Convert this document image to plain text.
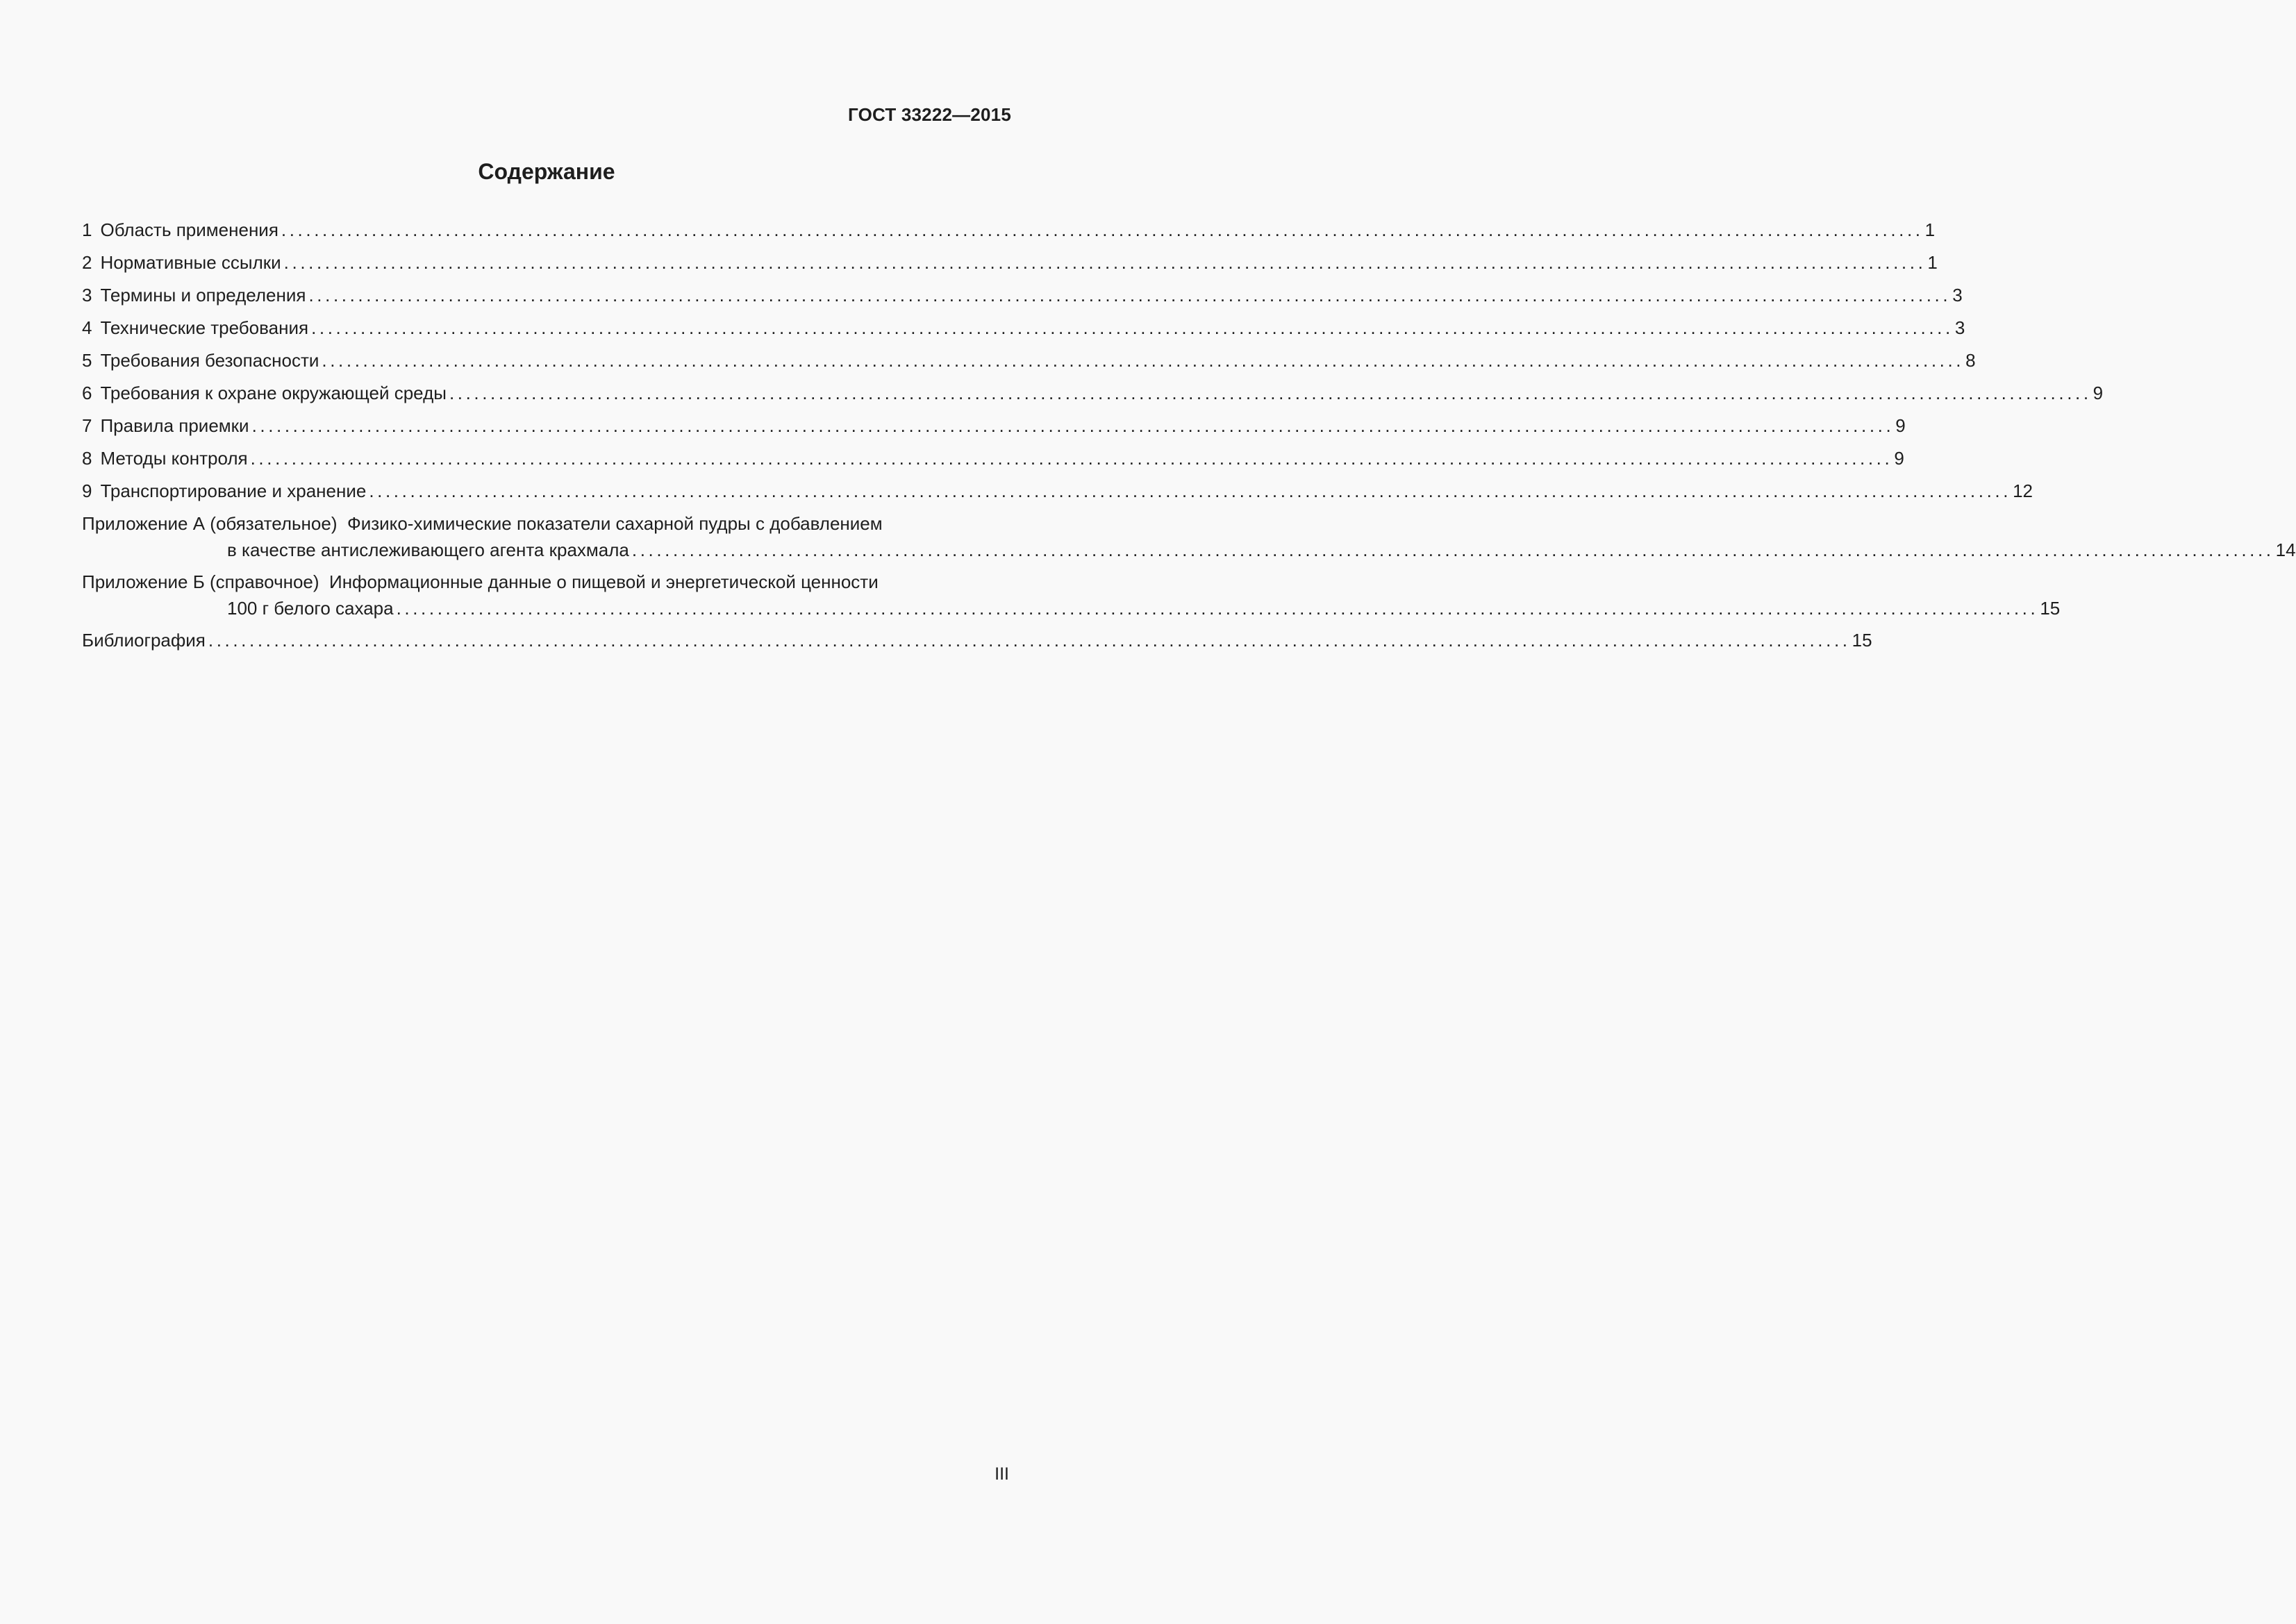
ГОСТ 33222—2015
Содержание
1 Область применения ........................................................................................................................................................................................................ 1
2 Нормативные ссылки ........................................................................................................................................................................................................ 1
3 Термины и определения ........................................................................................................................................................................................................ 3
4 Технические требования ........................................................................................................................................................................................................ 3
5 Требования безопасности ........................................................................................................................................................................................................ 8
6 Требования к охране окружающей среды ........................................................................................................................................................................................................ 9
7 Правила приемки ........................................................................................................................................................................................................ 9
8 Методы контроля ........................................................................................................................................................................................................ 9
9 Транспортирование и хранение ........................................................................................................................................................................................................ 12
Приложение А (обязательное) Физико-химические показатели сахарной пудры с добавлением
в качестве антислеживающего агента крахмала ........................................................................................................................................................................................................ 14
Приложение Б (справочное) Информационные данные о пищевой и энергетической ценности
100 г белого сахара ........................................................................................................................................................................................................ 15
Библиография ........................................................................................................................................................................................................ 15
III
